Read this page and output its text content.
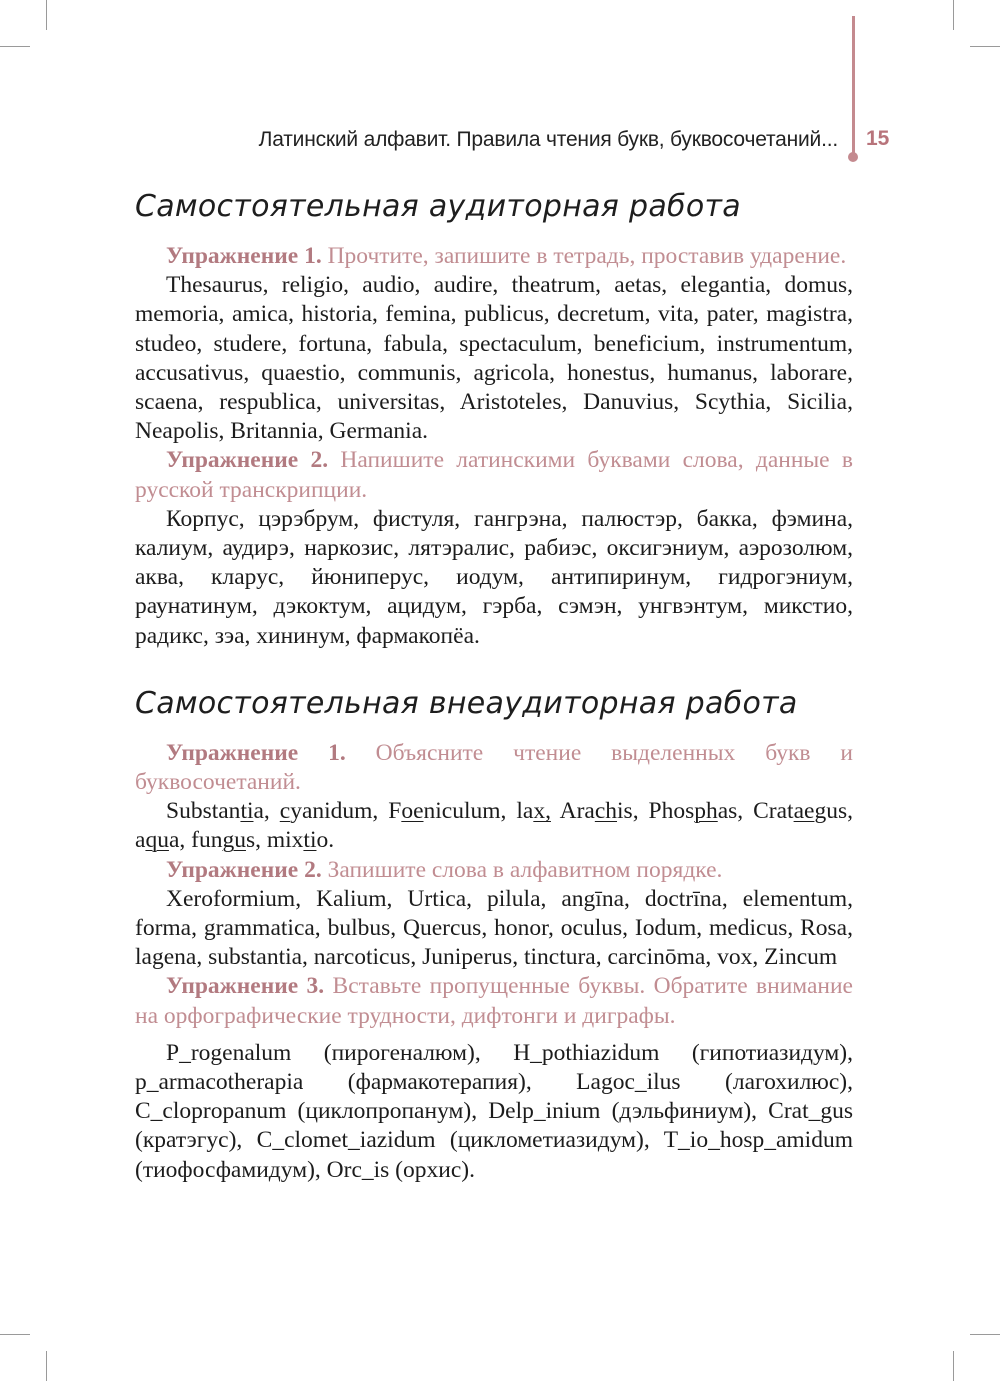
Латинский алфавит. Правила чтения букв, буквосочетаний... 15
Самостоятельная аудиторная работа

Упражнение 1. Прочтите, запишите в тетрадь, проставив ударение.

Thesaurus, religio, audio, audire, theatrum, aetas, elegantia, domus, memoria, amica, historia, femina, publicus, decretum, vita, pater, magistra, studeo, studere, fortuna, fabula, spectaculum, beneficium, instrumentum, accusativus, quaestio, communis, agricola, honestus, humanus, laborare, scaena, respublica, universitas, Aristoteles, Danuvius, Scythia, Sicilia, Neapolis, Britannia, Germania.

Упражнение 2. Напишите латинскими буквами слова, данные в русской транскрипции.

Корпус, цэрэбрум, фистуля, гангрэна, палюстэр, бакка, фэмина, калиум, аудирэ, наркозис, лятэралис, рабиэс, оксигэниум, аэрозолюм, аква, кларус, йюниперус, иодум, антипиринум, гидрогэниум, раунатинум, дэкоктум, ацидум, гэрба, сэмэн, унгвэнтум, микстио, радикс, зэа, хининум, фармакопёа.

Самостоятельная внеаудиторная работа

Упражнение 1. Объясните чтение выделенных букв и буквосочетаний.

Substantia, cyanidum, Foeniculum, lax, Arachis, Phosphas, Crataegus, aqua, fungus, mixtio.

Упражнение 2. Запишите слова в алфавитном порядке.

Xeroformium, Kalium, Urtica, pilula, angīna, doctrīna, elementum, forma, grammatica, bulbus, Quercus, honor, oculus, Iodum, medicus, Rosa, lagena, substantia, narcoticus, Juniperus, tinctura, carcinōma, vox, Zincum

Упражнение 3. Вставьте пропущенные буквы. Обратите внимание на орфографические трудности, дифтонги и диграфы.

P_rogenalum (пирогеналюм), H_pothiazidum (гипотиазидум), p_armacotherapia (фармакотерапия), Lagoc_ilus (лагохилюс), C_cloрroрanum (циклопропанум), Delp_inium (дэльфиниум), Crat_gus (кратэгус), C_clomet_iazidum (циклометиазидум), T_io_hosp_amidum (тиофосфамидум), Orc_is (орхис).
